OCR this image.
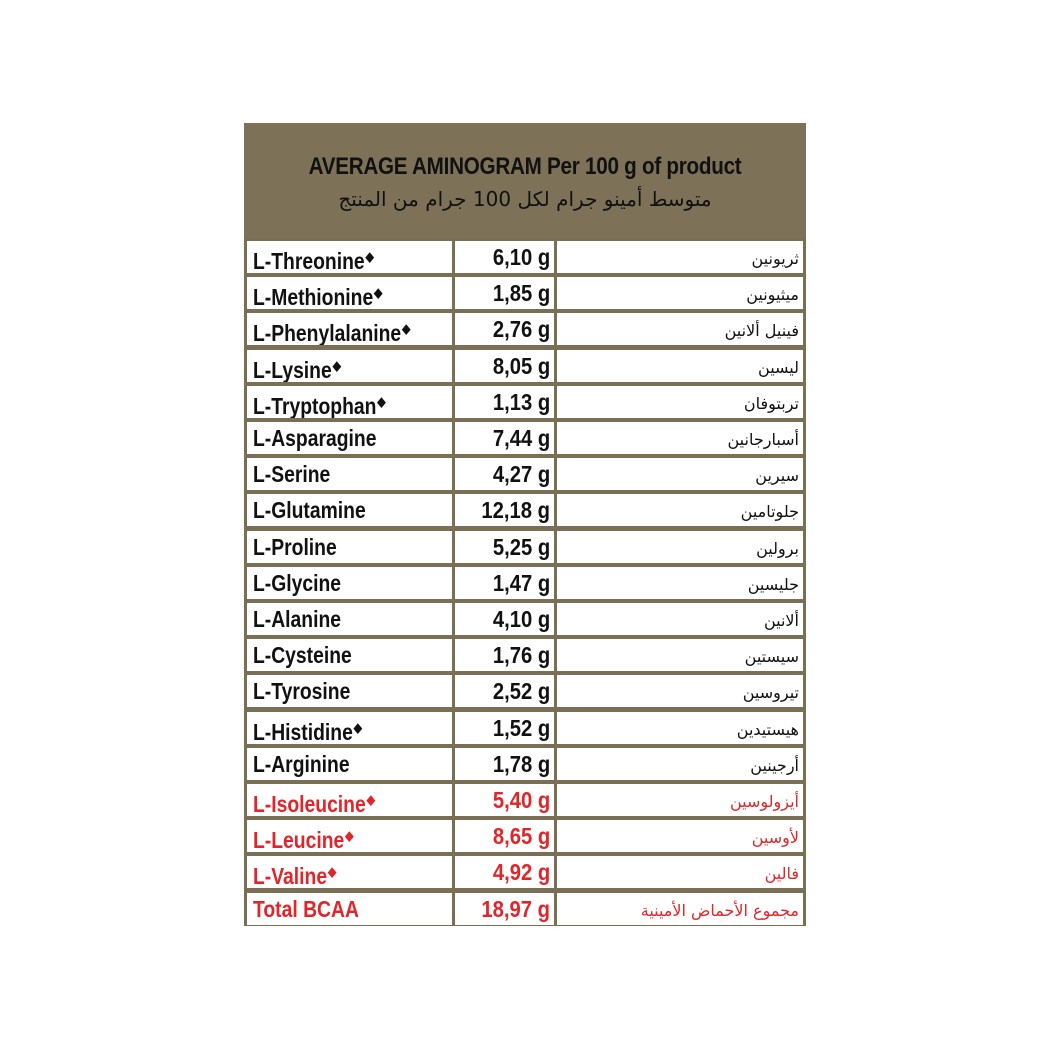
AVERAGE AMINOGRAM Per 100 g of product
متوسط أمينو جرام لكل 100 جرام من المنتج
L-Threonine◆	6,10 g	ثريونين
L-Methionine◆	1,85 g	ميثيونين
L-Phenylalanine◆	2,76 g	فينيل ألانين
L-Lysine◆	8,05 g	ليسين
L-Tryptophan◆	1,13 g	تربتوفان
L-Asparagine	7,44 g	أسبارجانين
L-Serine	4,27 g	سيرين
L-Glutamine	12,18 g	جلوتامين
L-Proline	5,25 g	برولين
L-Glycine	1,47 g	جليسين
L-Alanine	4,10 g	ألانين
L-Cysteine	1,76 g	سيستين
L-Tyrosine	2,52 g	تيروسين
L-Histidine◆	1,52 g	هيستيدين
L-Arginine	1,78 g	أرجينين
L-Isoleucine◆	5,40 g	أيزولوسين
L-Leucine◆	8,65 g	لأوسين
L-Valine◆	4,92 g	فالين
Total BCAA	18,97 g	مجموع الأحماض الأمينية
